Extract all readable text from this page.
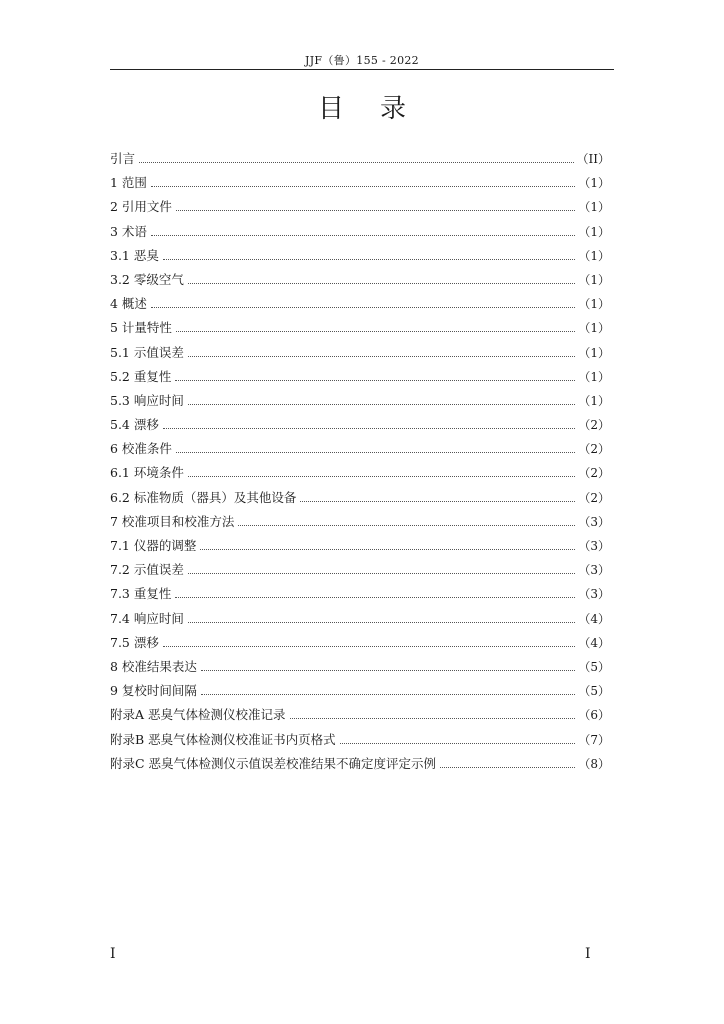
JJF（鲁）155 - 2022
目录
引言	（II）
1 范围	（1）
2 引用文件	（1）
3 术语	（1）
3.1 恶臭	（1）
3.2 零级空气	（1）
4 概述	（1）
5 计量特性	（1）
5.1 示值误差	（1）
5.2 重复性	（1）
5.3 响应时间	（1）
5.4 漂移	（2）
6 校准条件	（2）
6.1 环境条件	（2）
6.2 标准物质（器具）及其他设备	（2）
7 校准项目和校准方法	（3）
7.1 仪器的调整	（3）
7.2 示值误差	（3）
7.3 重复性	（3）
7.4 响应时间	（4）
7.5 漂移	（4）
8 校准结果表达	（5）
9 复校时间间隔	（5）
附录A 恶臭气体检测仪校准记录	（6）
附录B 恶臭气体检测仪校准证书内页格式	（7）
附录C 恶臭气体检测仪示值误差校准结果不确定度评定示例	（8）
I	I
